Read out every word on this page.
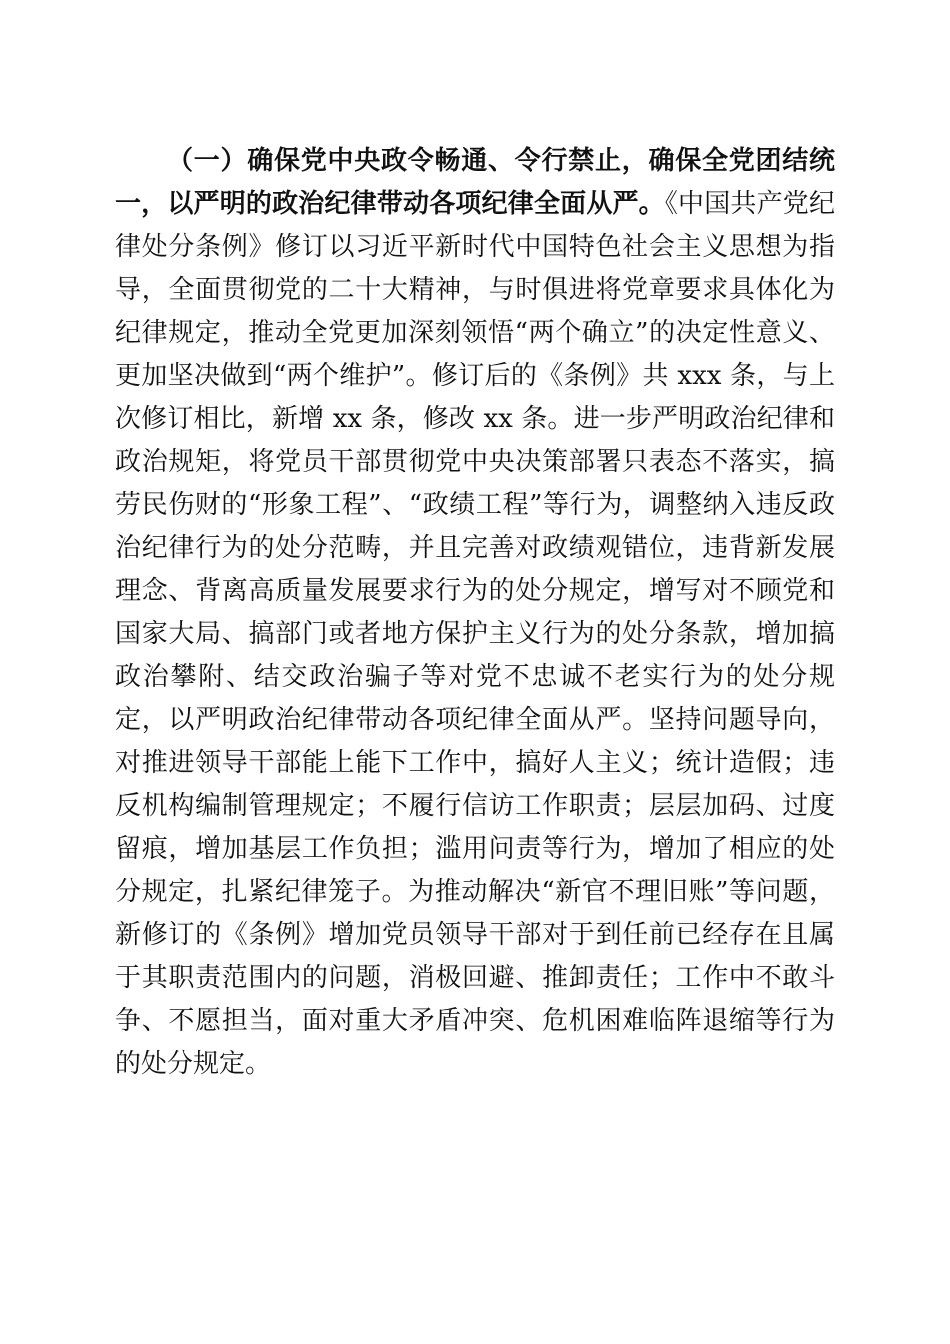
（一）确保党中央政令畅通、令行禁止，确保全党团结统一，以严明的政治纪律带动各项纪律全面从严。《中国共产党纪律处分条例》修订以习近平新时代中国特色社会主义思想为指导，全面贯彻党的二十大精神，与时俱进将党章要求具体化为纪律规定，推动全党更加深刻领悟“两个确立”的决定性意义、更加坚决做到“两个维护”。修订后的《条例》共 xxx 条，与上次修订相比，新增 xx 条，修改 xx 条。进一步严明政治纪律和政治规矩，将党员干部贯彻党中央决策部署只表态不落实，搞劳民伤财的“形象工程”、“政绩工程”等行为，调整纳入违反政治纪律行为的处分范畴，并且完善对政绩观错位，违背新发展理念、背离高质量发展要求行为的处分规定，增写对不顾党和国家大局、搞部门或者地方保护主义行为的处分条款，增加搞政治攀附、结交政治骗子等对党不忠诚不老实行为的处分规定，以严明政治纪律带动各项纪律全面从严。坚持问题导向，对推进领导干部能上能下工作中，搞好人主义；统计造假；违反机构编制管理规定；不履行信访工作职责；层层加码、过度留痕，增加基层工作负担；滥用问责等行为，增加了相应的处分规定，扎紧纪律笼子。为推动解决“新官不理旧账”等问题，新修订的《条例》增加党员领导干部对于到任前已经存在且属于其职责范围内的问题，消极回避、推卸责任；工作中不敢斗争、不愿担当，面对重大矛盾冲突、危机困难临阵退缩等行为的处分规定。
